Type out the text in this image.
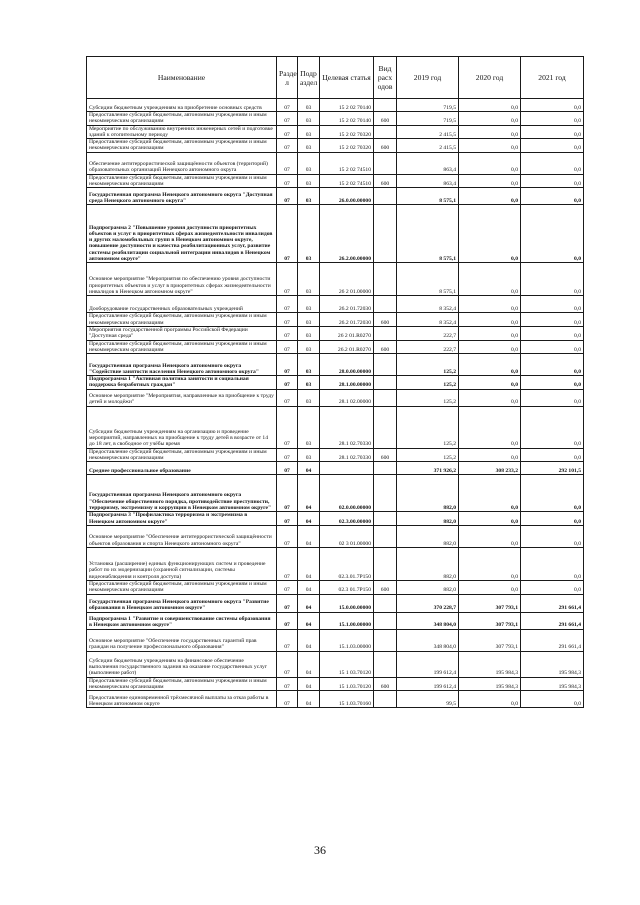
Наименование	Разде л	Подр аздел	Целевая статья	Вид расх одов	2019 год	2020 год	2021 год
Субсидии бюджетным учреждениям на приобретение основных средств	07	03	15 2 02 70140		719,5	0,0	0,0
Предоставление субсидий бюджетным, автономным учреждениям и иным некоммерческим организациям	07	03	15 2 02 70140	600	719,5	0,0	0,0
Мероприятие по обслуживанию внутренних инженерных сетей и подготовке зданий к отопительному периоду	07	03	15 2 02 70320		2 415,5	0,0	0,0
Предоставление субсидий бюджетным, автономным учреждениям и иным некоммерческим организациям	07	03	15 2 02 70320	600	2 415,5	0,0	0,0
Обеспечение антитеррористической защищённости объектов (территорий) образовательных организаций Ненецкого автономного округа	07	03	15 2 02 74510		863,4	0,0	0,0
Предоставление субсидий бюджетным, автономным учреждениям и иным некоммерческим организациям	07	03	15 2 02 74510	600	863,4	0,0	0,0
Государственная программа Ненецкого автономного округа "Доступная среда Ненецкого автономного округа"	07	03	26.0.00.00000		8 575,1	0,0	0,0
Подпрограмма 2 "Повышение уровня доступности приоритетных объектов и услуг в приоритетных сферах жизнедеятельности инвалидов и других маломобильных групп в Ненецком автономном округе, повышение доступности и качества реабилитационных услуг, развитие системы реабилитации социальной интеграции инвалидов в Ненецком автономном округе"	07	03	26.2.00.00000		8 575,1	0,0	0,0
Основное мероприятие "Мероприятия по обеспечению уровня доступности приоритетных объектов и услуг в приоритетных сферах жизнедеятельности инвалидов в Ненецком автономном округе"	07	03	26 2 01.00000		8 575,1	0,0	0,0
Дооборудование государственных образовательных учреждений	07	03	26.2 01.72030		8 352,4	0,0	0,0
Предоставление субсидий бюджетным, автономным учреждениям и иным некоммерческим организациям	07	03	26.2 01.72030	600	8 352,4	0,0	0,0
Мероприятия государственной программы Российской Федерации "Доступная среда"	07	03	26 2 01.R0270		222,7	0,0	0,0
Предоставление субсидий бюджетным, автономным учреждениям и иным некоммерческим организациям	07	03	26.2 01.R0270	600	222,7	0,0	0,0
Государственная программа Ненецкого автономного округа "Содействие занятости населения Ненецкого автономного округа"	07	03	28.0.00.00000		125,2	0,0	0,0
Подпрограмма 1 "Активная политика занятости и социальная поддержка безработных граждан"	07	03	28.1.00.00000		125,2	0,0	0,0
Основное мероприятие "Мероприятия, направленные на приобщение к труду детей и молодёжи"	07	03	28.1 02.00000		125,2	0,0	0,0
Субсидии бюджетным учреждениям на организацию и проведение мероприятий, направленных на приобщение к труду детей в возрасте от 14 до 18 лет, в свободное от учёбы время	07	03	28.1 02.70330		125,2	0,0	0,0
Предоставление субсидий бюджетным, автономным учреждениям и иным некоммерческим организациям	07	03	28.1 02.70330	600	125,2	0,0	0,0
Среднее профессиональное образование	07	04			371 926,2	308 233,2	292 101,5
Государственная программа Ненецкого автономного округа "Обеспечение общественного порядка, противодействие преступности, терроризму, экстремизму и коррупции в Ненецком автономном округе"	07	04	02.0.00.00000		882,0	0,0	0,0
Подпрограмма 3 "Профилактика терроризма и экстремизма в Ненецком автономном округе"	07	04	02.3.00.00000		882,0	0,0	0,0
Основное мероприятие "Обеспечение антитеррористической защищённости объектов образования и спорта Ненецкого автономного округа"	07	04	02 3 01.00000		882,0	0,0	0,0
Установка (расширение) единых функционирующих систем и проведение работ по их модернизации (охранной сигнализации, системы видеонаблюдения и контроля доступа)	07	04	02.3.01.7P150		882,0	0,0	0,0
Предоставление субсидий бюджетным, автономным учреждениям и иным некоммерческим организациям	07	04	02.3 01.7P150	600	882,0	0,0	0,0
Государственная программа Ненецкого автономного округа "Развитие образования в Ненецком автономном округе"	07	04	15.0.00.00000		370 228,7	307 793,1	291 661,4
Подпрограмма 1 "Развитие и совершенствование системы образования в Ненецком автономном округе"	07	04	15.1.00.00000		348 804,0	307 793,1	291 661,4
Основное мероприятие "Обеспечение государственных гарантий прав граждан на получение профессионального образования"	07	04	15.1.03.00000		348 804,0	307 793,1	291 661,4
Субсидии бюджетным учреждениям на финансовое обеспечение выполнения государственного задания на оказание государственных услуг (выполнение работ)	07	04	15 1 03.70120		199 612,4	195 984,3	195 984,3
Предоставление субсидий бюджетным, автономным учреждениям и иным некоммерческим организациям	07	04	15 1.03.70120	600	199 612,4	195 984,3	195 984,3
Предоставление единовременной трёхмесячной выплаты за отказ работы в Ненецком автономном округе	07	04	15 1.03.70160		99,5	0,0	0,0
36
